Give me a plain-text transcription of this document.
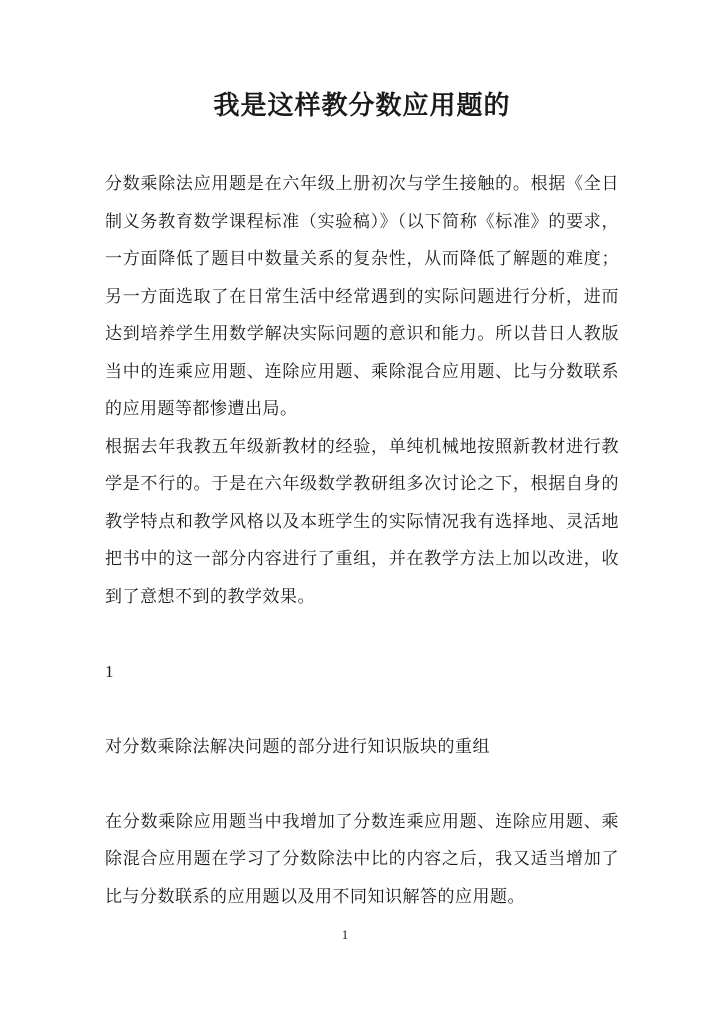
我是这样教分数应用题的

分数乘除法应用题是在六年级上册初次与学生接触的。根据《全日制义务教育数学课程标准（实验稿）》（以下简称《标准》的要求，一方面降低了题目中数量关系的复杂性，从而降低了解题的难度；另一方面选取了在日常生活中经常遇到的实际问题进行分析，进而达到培养学生用数学解决实际问题的意识和能力。所以昔日人教版当中的连乘应用题、连除应用题、乘除混合应用题、比与分数联系的应用题等都惨遭出局。

根据去年我教五年级新教材的经验，单纯机械地按照新教材进行教学是不行的。于是在六年级数学教研组多次讨论之下，根据自身的教学特点和教学风格以及本班学生的实际情况我有选择地、灵活地把书中的这一部分内容进行了重组，并在教学方法上加以改进，收到了意想不到的教学效果。

1

对分数乘除法解决问题的部分进行知识版块的重组

在分数乘除应用题当中我增加了分数连乘应用题、连除应用题、乘除混合应用题在学习了分数除法中比的内容之后，我又适当增加了比与分数联系的应用题以及用不同知识解答的应用题。

1
